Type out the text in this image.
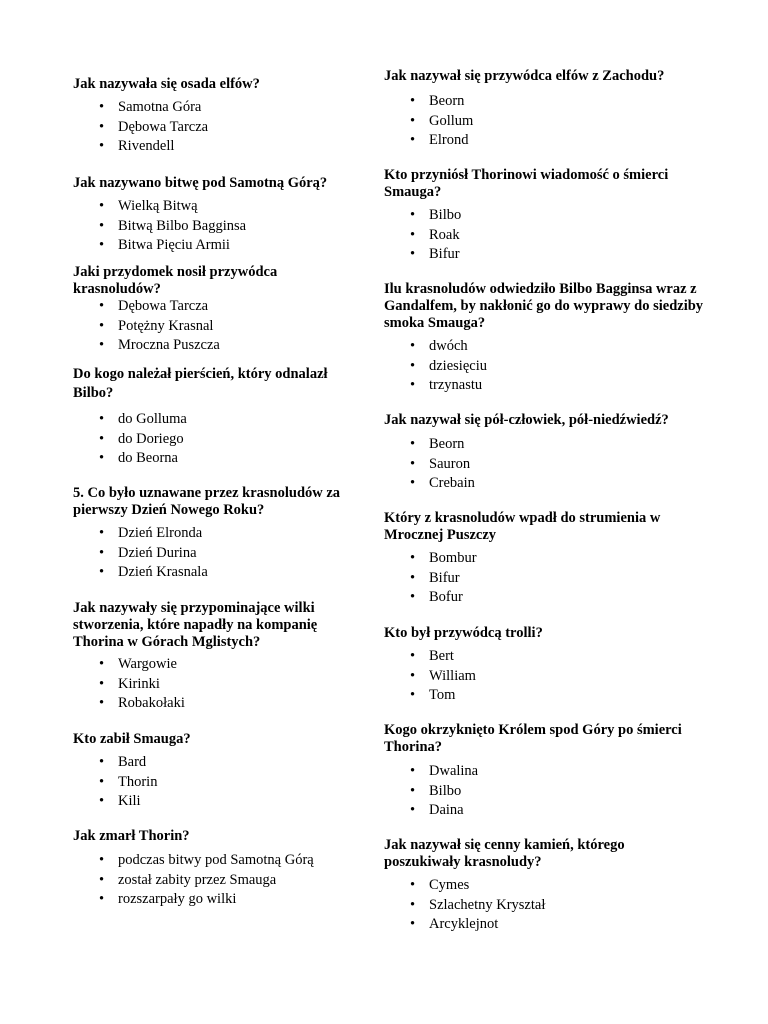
Jak nazywała się osada elfów?

• Samotna Góra
• Dębowa Tarcza
• Rivendell

Jak nazywano bitwę pod Samotną Górą?

• Wielką Bitwą
• Bitwą Bilbo Bagginsa
• Bitwa Pięciu Armii

Jaki przydomek nosił przywódca krasnoludów?

• Dębowa Tarcza
• Potężny Krasnal
• Mroczna Puszcza

Do kogo należał pierścień, który odnalazł Bilbo?

• do Golluma
• do Doriego
• do Beorna

5. Co było uznawane przez krasnoludów za pierwszy Dzień Nowego Roku?

• Dzień Elronda
• Dzień Durina
• Dzień Krasnala

Jak nazywały się przypominające wilki stworzenia, które napadły na kompanię Thorina w Górach Mglistych?

• Wargowie
• Kirinki
• Robakołaki

Kto zabił Smauga?

• Bard
• Thorin
• Kili

Jak zmarł Thorin?

• podczas bitwy pod Samotną Górą
• został zabity przez Smauga
• rozszarpały go wilki

Jak nazywał się przywódca elfów z Zachodu?

• Beorn
• Gollum
• Elrond

Kto przyniósł Thorinowi wiadomość o śmierci Smauga?

• Bilbo
• Roak
• Bifur

Ilu krasnoludów odwiedziło Bilbo Bagginsa wraz z Gandalfem, by nakłonić go do wyprawy do siedziby smoka Smauga?

• dwóch
• dziesięciu
• trzynastu

Jak nazywał się pół-człowiek, pół-niedźwiedź?

• Beorn
• Sauron
• Crebain

Który z krasnoludów wpadł do strumienia w Mrocznej Puszczy

• Bombur
• Bifur
• Bofur

Kto był przywódcą trolli?

• Bert
• William
• Tom

Kogo okrzyknięto Królem spod Góry po śmierci Thorina?

• Dwalina
• Bilbo
• Daina

Jak nazywał się cenny kamień, którego poszukiwały krasnoludy?

• Cymes
• Szlachetny Kryształ
• Arcyklejnot
